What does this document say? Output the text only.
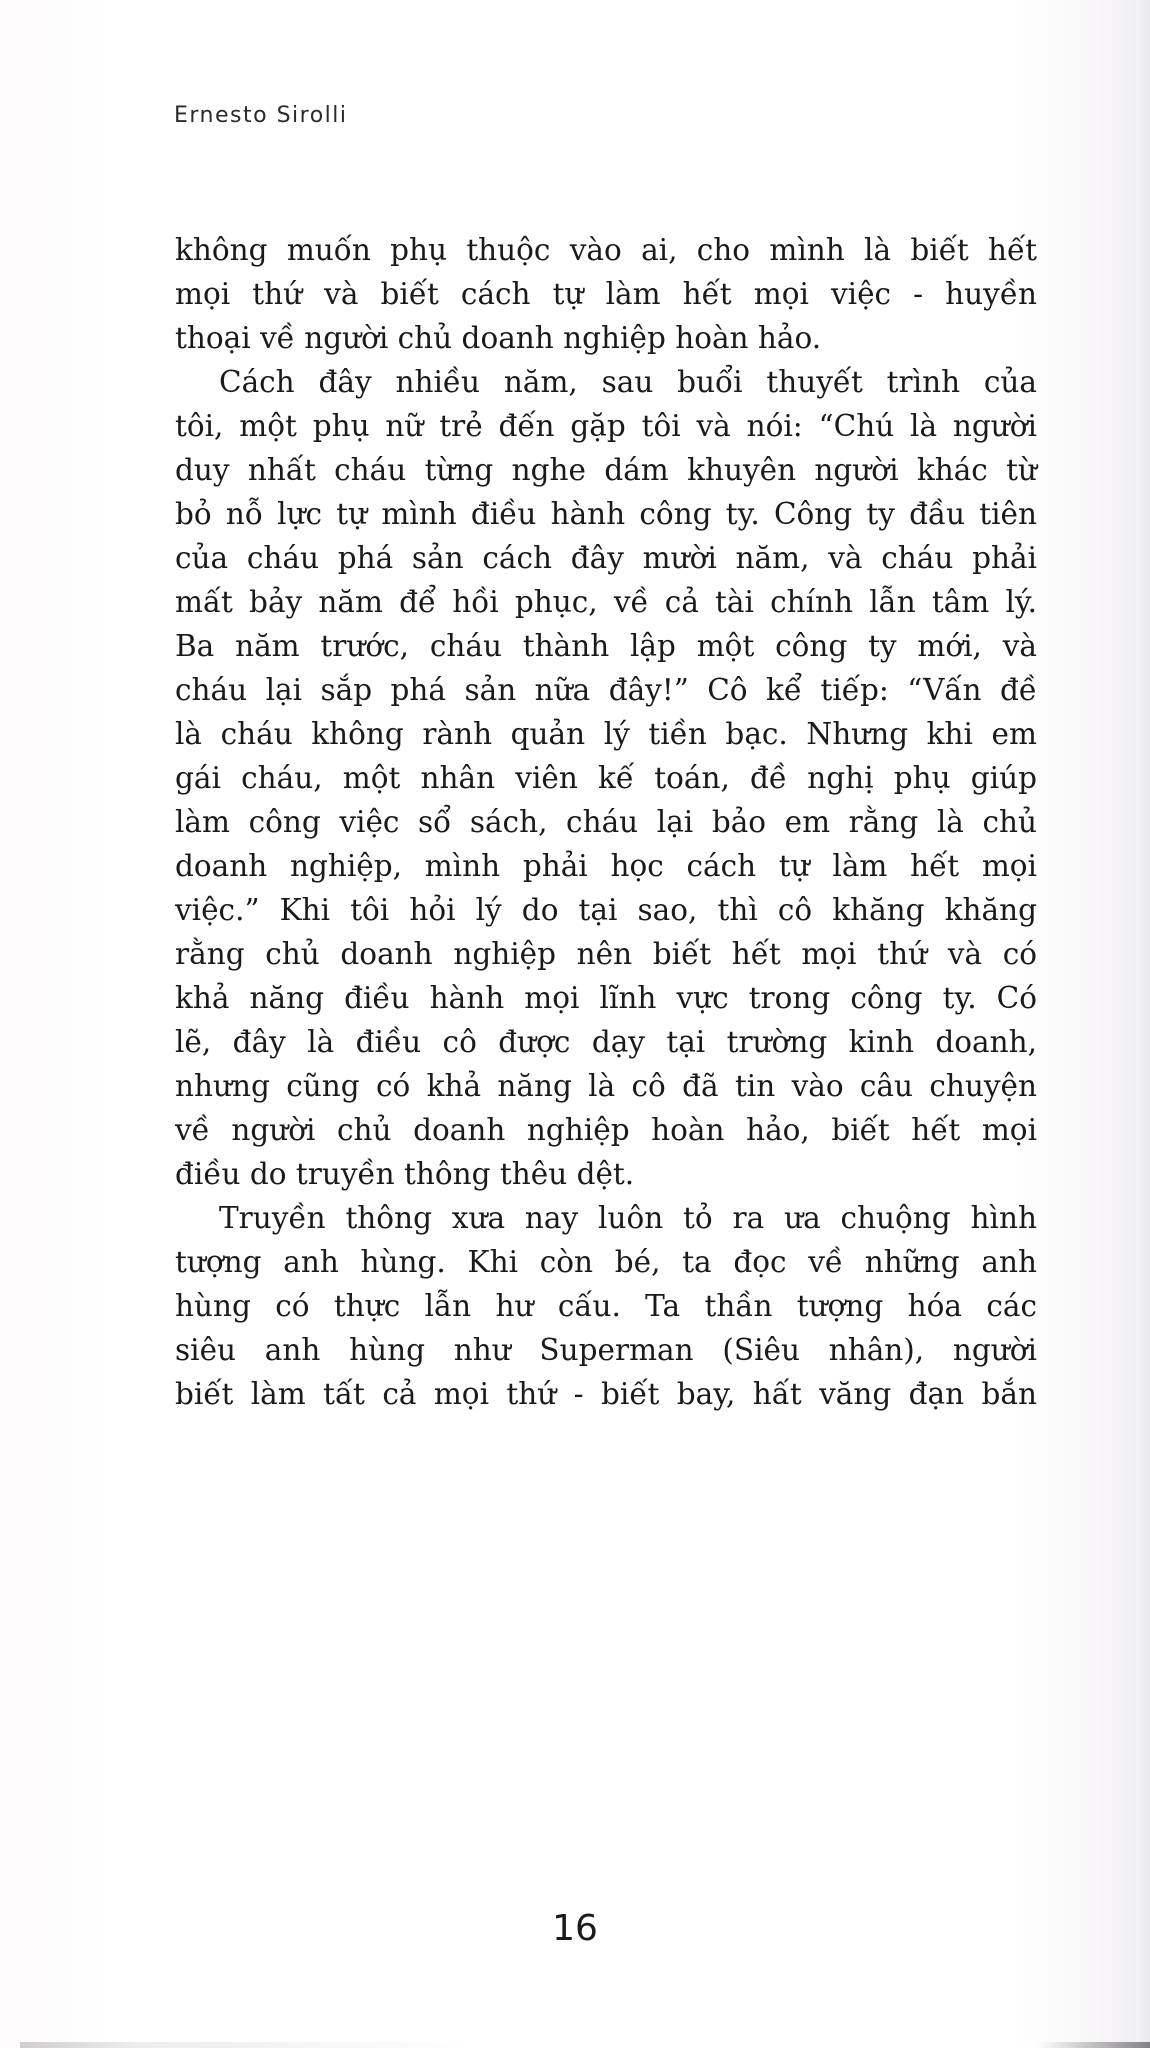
Ernesto Sirolli

không muốn phụ thuộc vào ai, cho mình là biết hết
mọi thứ và biết cách tự làm hết mọi việc - huyền
thoại về người chủ doanh nghiệp hoàn hảo.

Cách đây nhiều năm, sau buổi thuyết trình của
tôi, một phụ nữ trẻ đến gặp tôi và nói: “Chú là người
duy nhất cháu từng nghe dám khuyên người khác từ
bỏ nỗ lực tự mình điều hành công ty. Công ty đầu tiên
của cháu phá sản cách đây mười năm, và cháu phải
mất bảy năm để hồi phục, về cả tài chính lẫn tâm lý.
Ba năm trước, cháu thành lập một công ty mới, và
cháu lại sắp phá sản nữa đây!” Cô kể tiếp: “Vấn đề
là cháu không rành quản lý tiền bạc. Nhưng khi em
gái cháu, một nhân viên kế toán, đề nghị phụ giúp
làm công việc sổ sách, cháu lại bảo em rằng là chủ
doanh nghiệp, mình phải học cách tự làm hết mọi
việc.” Khi tôi hỏi lý do tại sao, thì cô khăng khăng
rằng chủ doanh nghiệp nên biết hết mọi thứ và có
khả năng điều hành mọi lĩnh vực trong công ty. Có
lẽ, đây là điều cô được dạy tại trường kinh doanh,
nhưng cũng có khả năng là cô đã tin vào câu chuyện
về người chủ doanh nghiệp hoàn hảo, biết hết mọi
điều do truyền thông thêu dệt.

Truyền thông xưa nay luôn tỏ ra ưa chuộng hình
tượng anh hùng. Khi còn bé, ta đọc về những anh
hùng có thực lẫn hư cấu. Ta thần tượng hóa các
siêu anh hùng như Superman (Siêu nhân), người
biết làm tất cả mọi thứ - biết bay, hất văng đạn bắn

16
